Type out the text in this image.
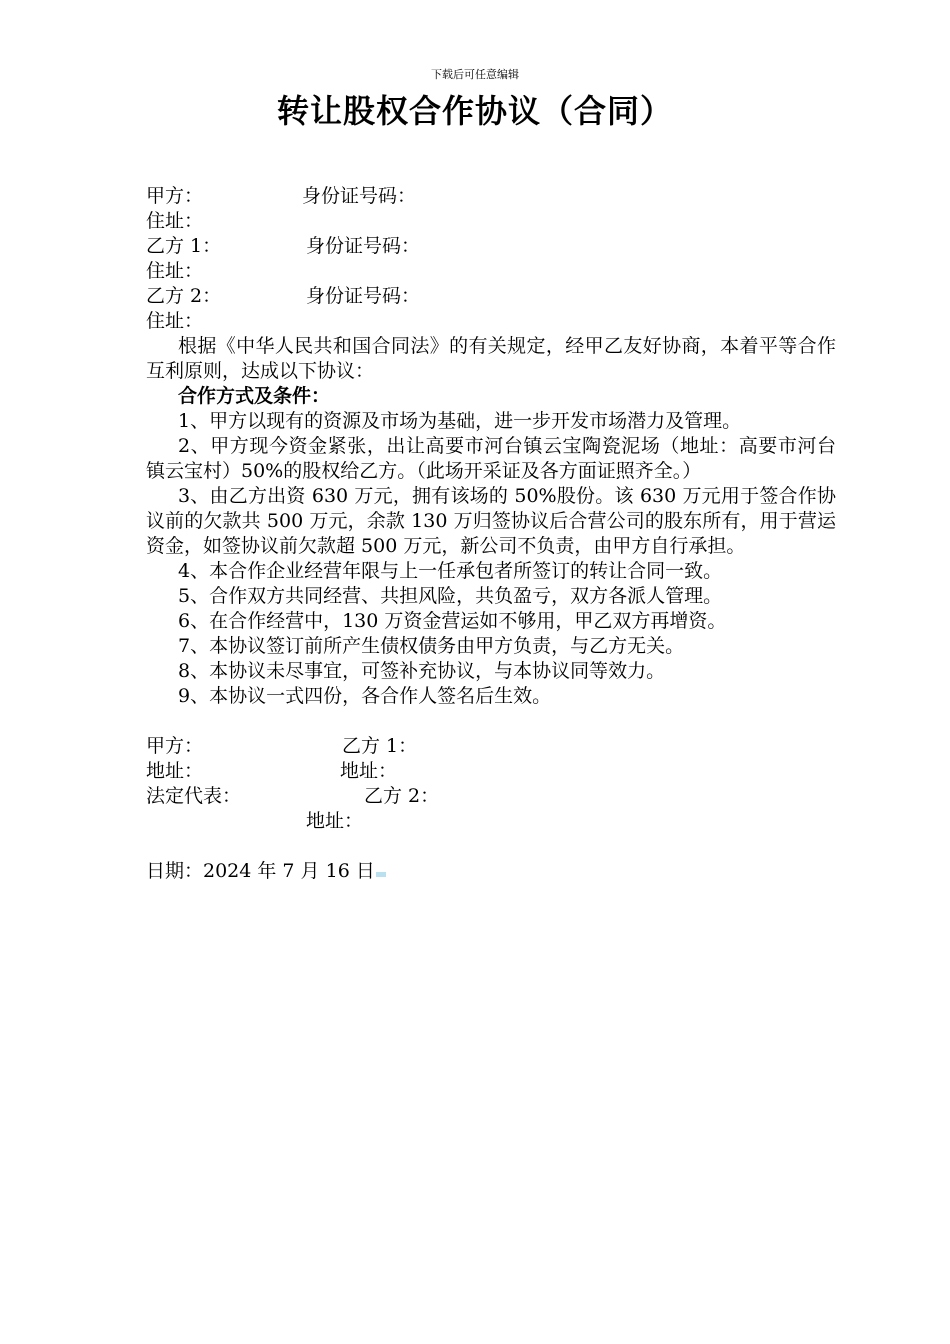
下载后可任意编辑
转让股权合作协议（合同）
甲方：	身份证号码：
住址：
乙方 1：	身份证号码：
住址：
乙方 2：	身份证号码：
住址：
根据《中华人民共和国合同法》的有关规定，经甲乙友好协商，本着平等合作互利原则，达成以下协议：
合作方式及条件：
1、甲方以现有的资源及市场为基础，进一步开发市场潜力及管理。
2、甲方现今资金紧张，出让高要市河台镇云宝陶瓷泥场（地址：高要市河台镇云宝村）50%的股权给乙方。（此场开采证及各方面证照齐全。）
3、由乙方出资 630 万元，拥有该场的 50%股份。该 630 万元用于签合作协议前的欠款共 500 万元，余款 130 万归签协议后合营公司的股东所有，用于营运资金，如签协议前欠款超 500 万元，新公司不负责，由甲方自行承担。
4、本合作企业经营年限与上一任承包者所签订的转让合同一致。
5、合作双方共同经营、共担风险，共负盈亏，双方各派人管理。
6、在合作经营中，130 万资金营运如不够用，甲乙双方再增资。
7、本协议签订前所产生债权债务由甲方负责，与乙方无关。
8、本协议未尽事宜，可签补充协议，与本协议同等效力。
9、本协议一式四份，各合作人签名后生效。
甲方：	乙方 1：
地址：	地址：
法定代表：	乙方 2：
地址：
日期：2024 年 7 月 16 日
